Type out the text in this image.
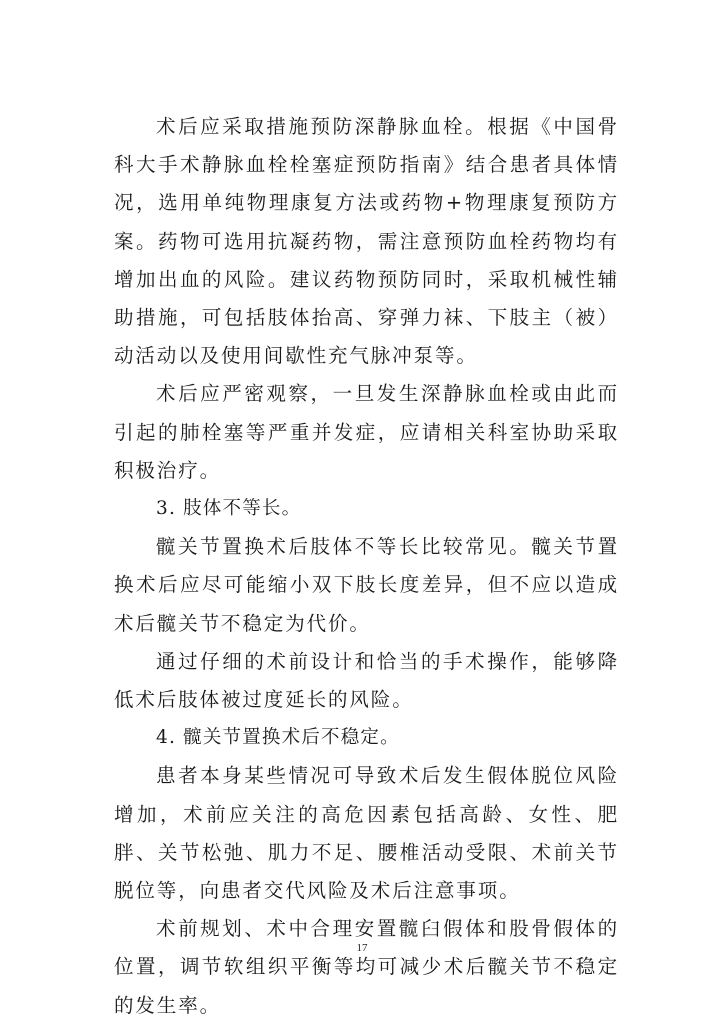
术后应采取措施预防深静脉血栓。根据《中国骨科大手术静脉血栓栓塞症预防指南》结合患者具体情况，选用单纯物理康复方法或药物+物理康复预防方案。药物可选用抗凝药物，需注意预防血栓药物均有增加出血的风险。建议药物预防同时，采取机械性辅助措施，可包括肢体抬高、穿弹力袜、下肢主（被）动活动以及使用间歇性充气脉冲泵等。

术后应严密观察，一旦发生深静脉血栓或由此而引起的肺栓塞等严重并发症，应请相关科室协助采取积极治疗。

3. 肢体不等长。

髋关节置换术后肢体不等长比较常见。髋关节置换术后应尽可能缩小双下肢长度差异，但不应以造成术后髋关节不稳定为代价。

通过仔细的术前设计和恰当的手术操作，能够降低术后肢体被过度延长的风险。

4. 髋关节置换术后不稳定。

患者本身某些情况可导致术后发生假体脱位风险增加，术前应关注的高危因素包括高龄、女性、肥胖、关节松弛、肌力不足、腰椎活动受限、术前关节脱位等，向患者交代风险及术后注意事项。

术前规划、术中合理安置髋臼假体和股骨假体的位置，调节软组织平衡等均可减少术后髋关节不稳定的发生率。

17
